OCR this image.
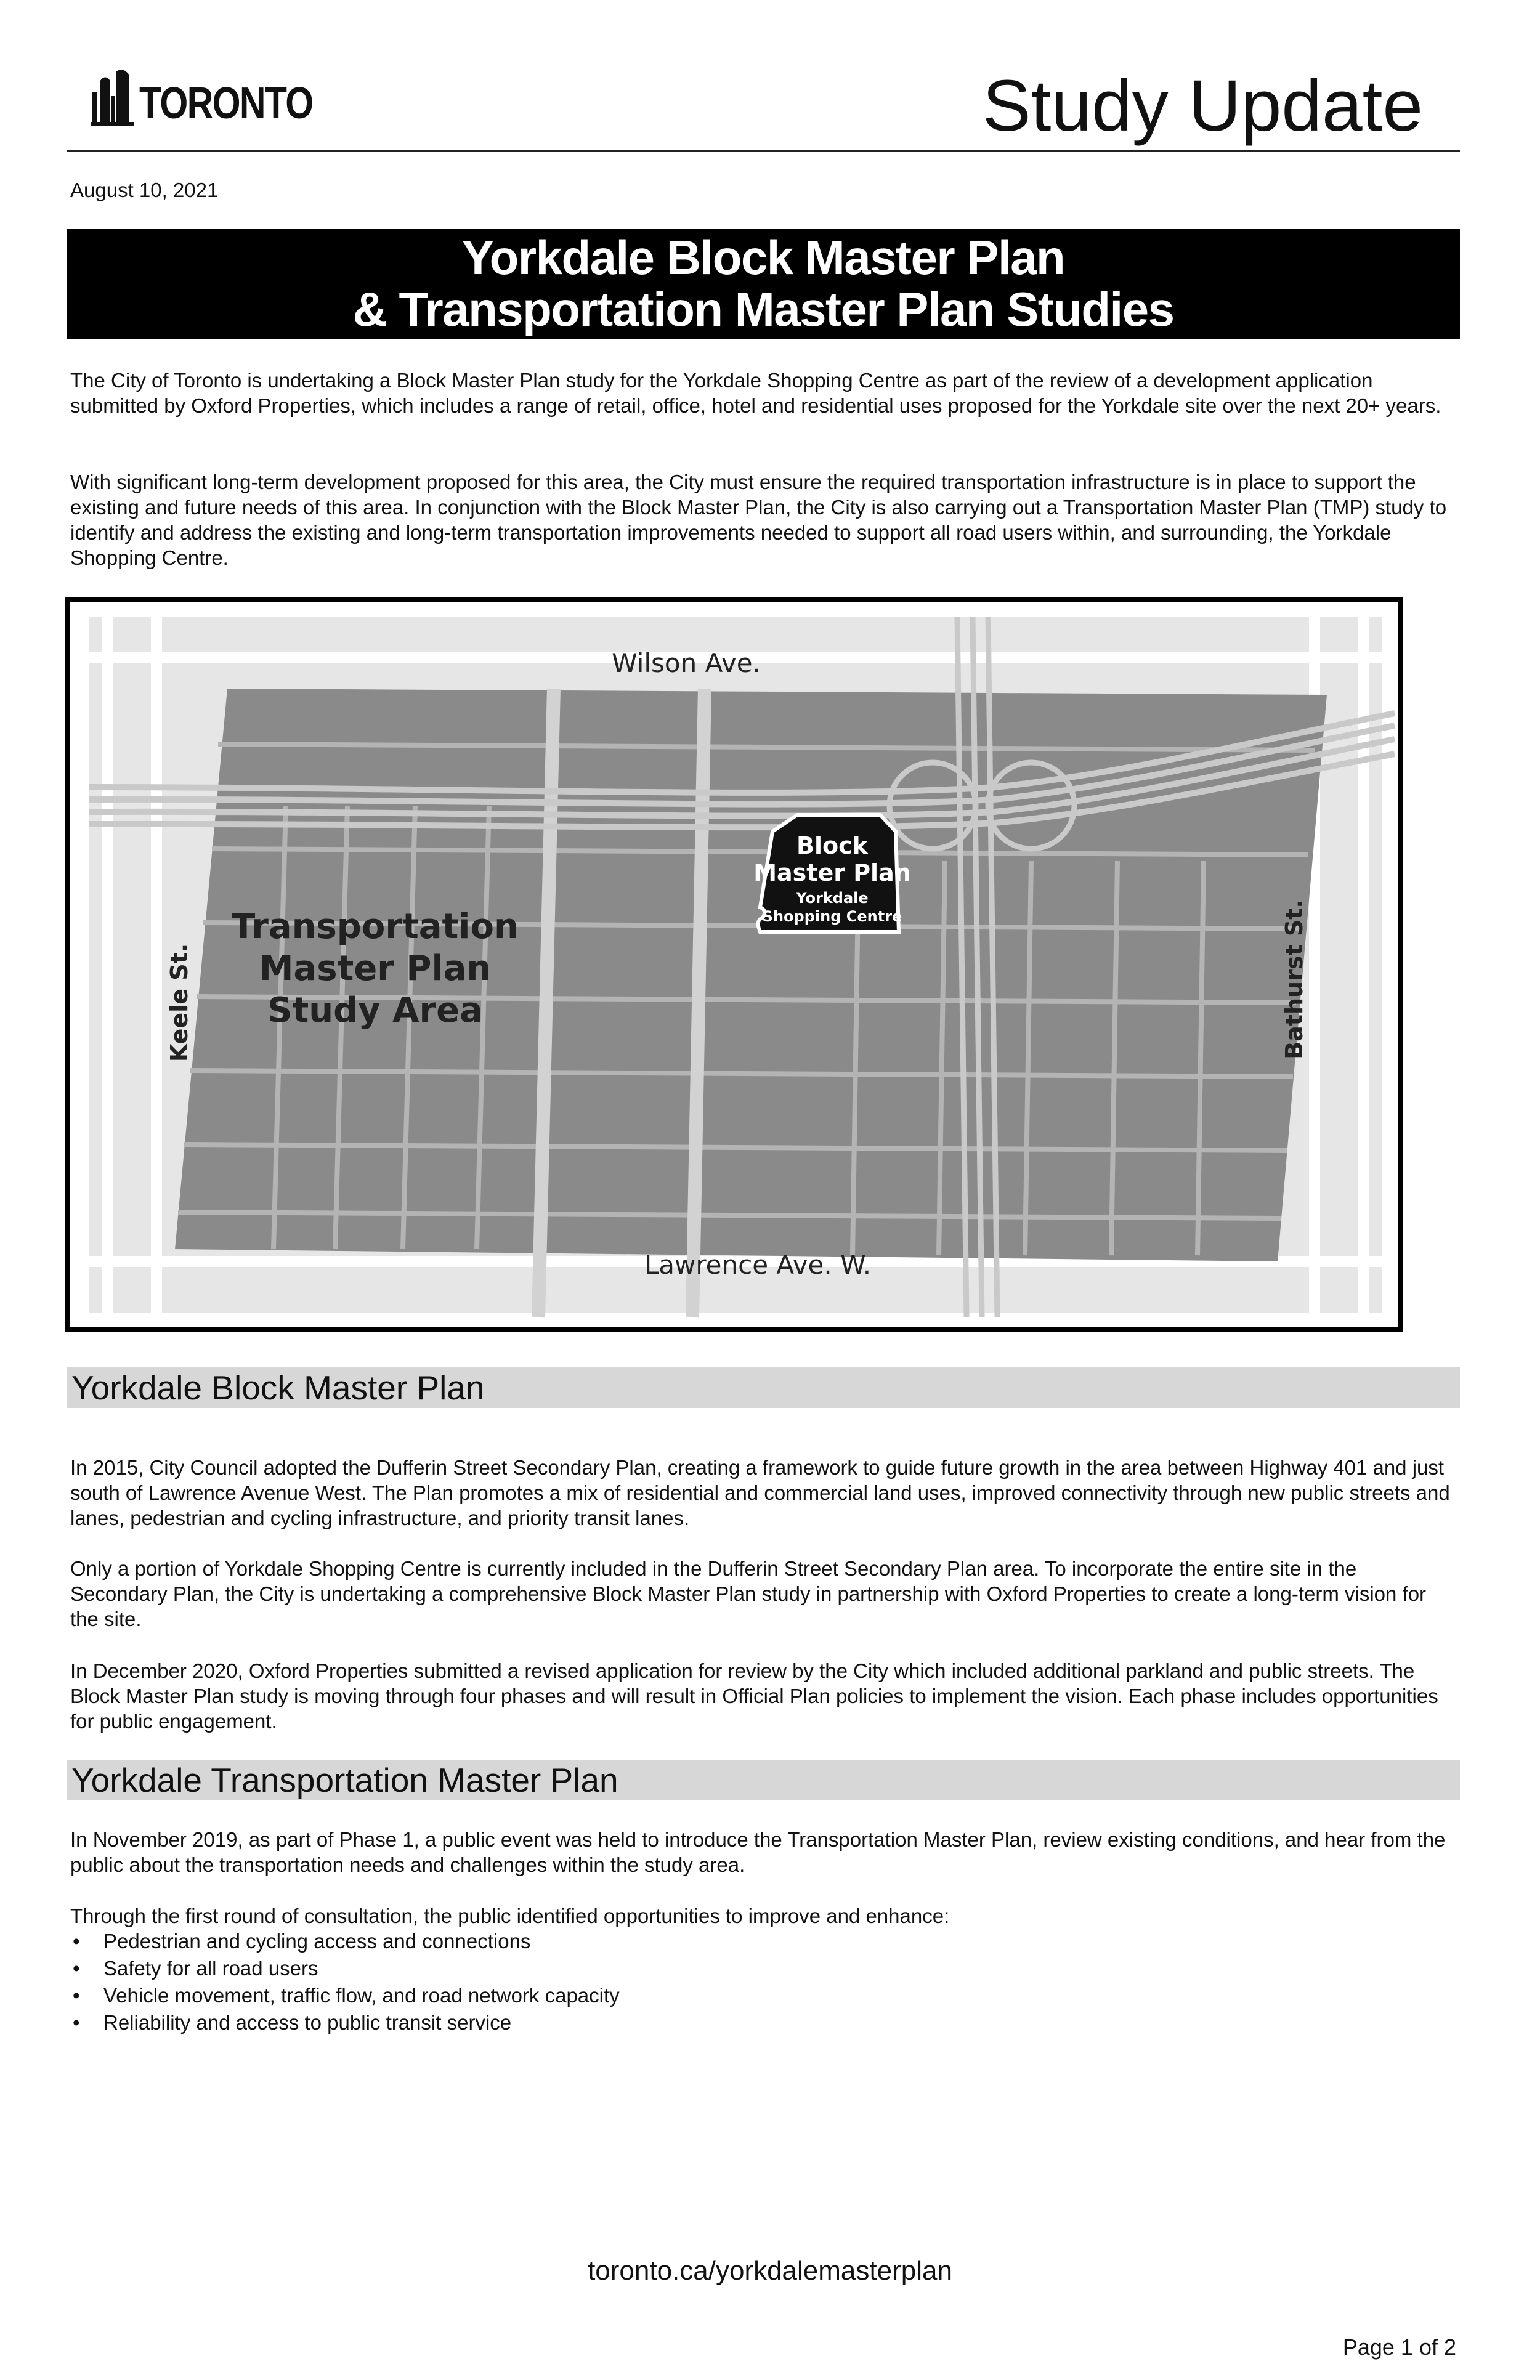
TORONTO	Study Update
August 10, 2021
Yorkdale Block Master Plan
& Transportation Master Plan Studies
The City of Toronto is undertaking a Block Master Plan study for the Yorkdale Shopping Centre as part of the review of a development application submitted by Oxford Properties, which includes a range of retail, office, hotel and residential uses proposed for the Yorkdale site over the next 20+ years.
With significant long-term development proposed for this area, the City must ensure the required transportation infrastructure is in place to support the existing and future needs of this area. In conjunction with the Block Master Plan, the City is also carrying out a Transportation Master Plan (TMP) study to identify and address the existing and long-term transportation improvements needed to support all road users within, and surrounding, the Yorkdale Shopping Centre.
Block
Master Plan
Yorkdale
Shopping Centre
Wilson Ave.
Lawrence Ave. W.
Keele St.	Bathurst St.
Transportation
Master Plan
Study Area
Yorkdale Block Master Plan
In 2015, City Council adopted the Dufferin Street Secondary Plan, creating a framework to guide future growth in the area between Highway 401 and just south of Lawrence Avenue West. The Plan promotes a mix of residential and commercial land uses, improved connectivity through new public streets and lanes, pedestrian and cycling infrastructure, and priority transit lanes.
Only a portion of Yorkdale Shopping Centre is currently included in the Dufferin Street Secondary Plan area. To incorporate the entire site in the Secondary Plan, the City is undertaking a comprehensive Block Master Plan study in partnership with Oxford Properties to create a long-term vision for the site.
In December 2020, Oxford Properties submitted a revised application for review by the City which included additional parkland and public streets. The Block Master Plan study is moving through four phases and will result in Official Plan policies to implement the vision. Each phase includes opportunities for public engagement.
Yorkdale Transportation Master Plan
In November 2019, as part of Phase 1, a public event was held to introduce the Transportation Master Plan, review existing conditions, and hear from the public about the transportation needs and challenges within the study area.
Through the first round of consultation, the public identified opportunities to improve and enhance:
• Pedestrian and cycling access and connections
• Safety for all road users
• Vehicle movement, traffic flow, and road network capacity
• Reliability and access to public transit service
toronto.ca/yorkdalemasterplan
Page 1 of 2
